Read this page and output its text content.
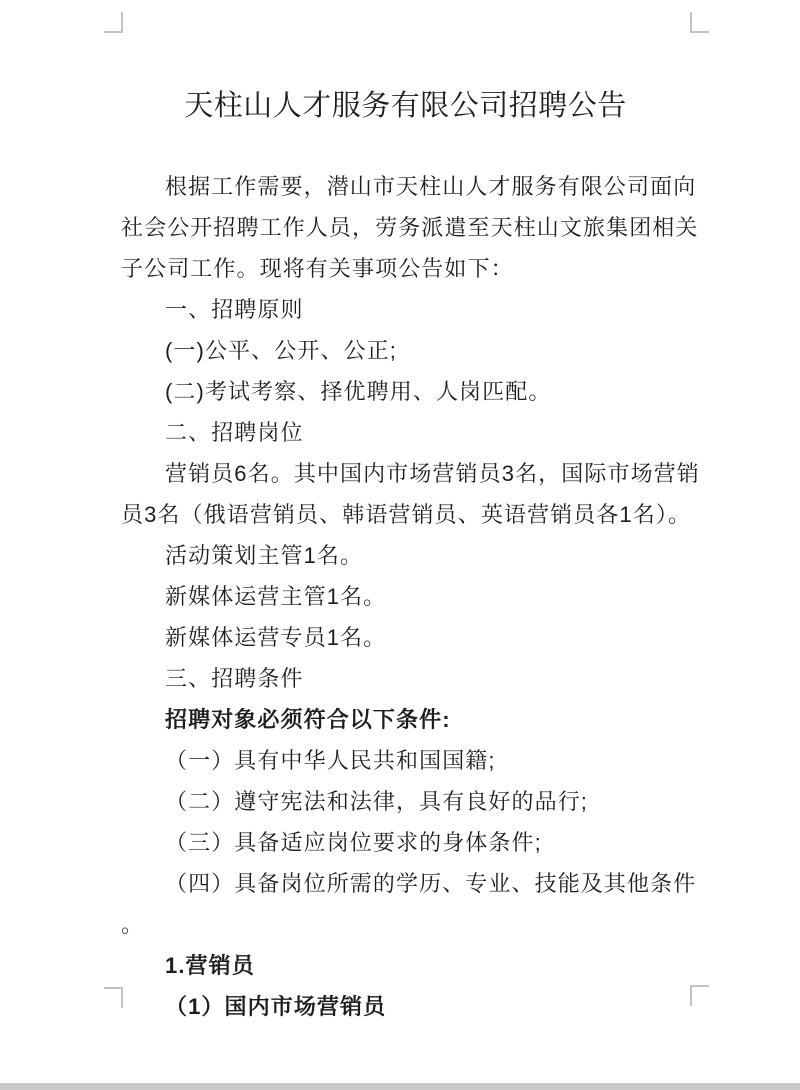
天柱山人才服务有限公司招聘公告
根据工作需要，潜山市天柱山人才服务有限公司面向
社会公开招聘工作人员，劳务派遣至天柱山文旅集团相关
子公司工作。现将有关事项公告如下：
一、招聘原则
(一)公平、公开、公正;
(二)考试考察、择优聘用、人岗匹配。
二、招聘岗位
营销员6名。其中国内市场营销员3名，国际市场营销
员3名（俄语营销员、韩语营销员、英语营销员各1名）。
活动策划主管1名。
新媒体运营主管1名。
新媒体运营专员1名。
三、招聘条件
招聘对象必须符合以下条件:
（一）具有中华人民共和国国籍;
（二）遵守宪法和法律，具有良好的品行;
（三）具备适应岗位要求的身体条件;
（四）具备岗位所需的学历、专业、技能及其他条件
。
1.营销员
（1）国内市场营销员
